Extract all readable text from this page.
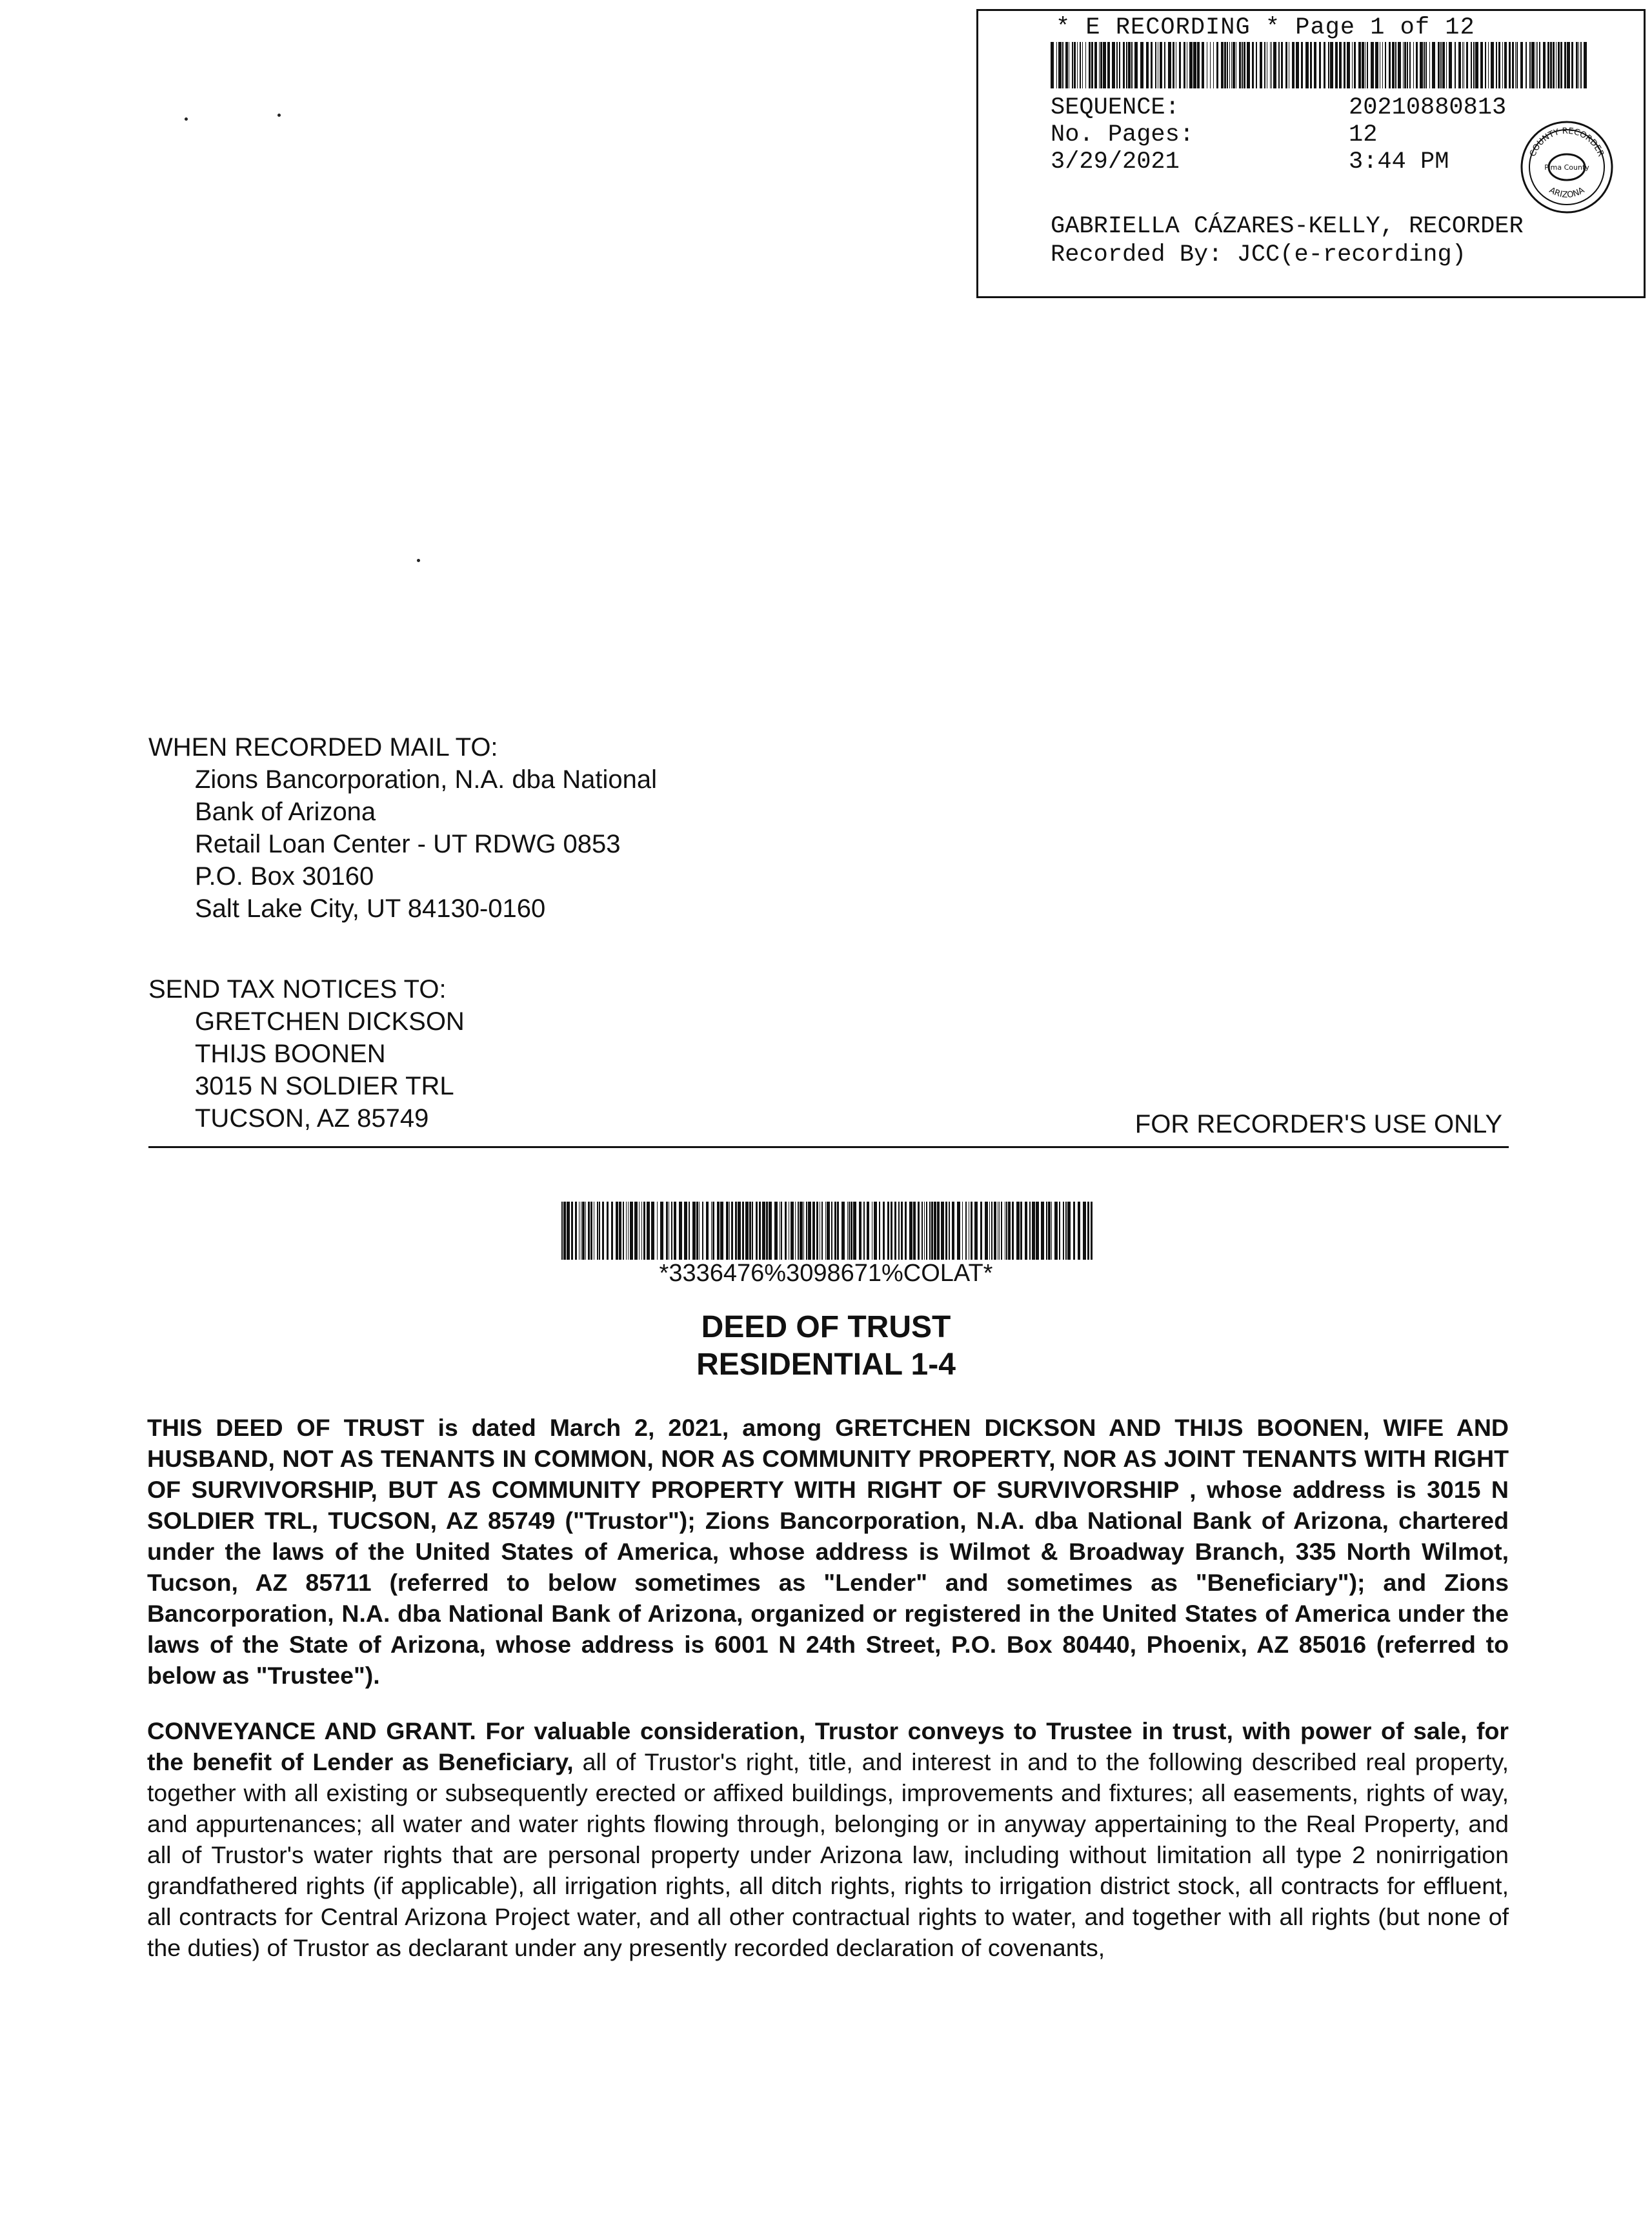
* E RECORDING * Page 1 of 12
SEQUENCE:	20210880813
No. Pages:	12
3/29/2021	3:44 PM	COUNTY RECORDER
ARIZONA
Pima County
GABRIELLA CÁZARES-KELLY, RECORDER
Recorded By: JCC(e-recording)
WHEN RECORDED MAIL TO:
Zions Bancorporation, N.A. dba National
Bank of Arizona
Retail Loan Center - UT RDWG 0853
P.O. Box 30160
Salt Lake City, UT 84130-0160
SEND TAX NOTICES TO:
GRETCHEN DICKSON
THIJS BOONEN
3015 N SOLDIER TRL
TUCSON, AZ 85749	FOR RECORDER'S USE ONLY
*3336476%3098671%COLAT*
DEED OF TRUST
RESIDENTIAL 1-4
THIS DEED OF TRUST is dated March 2, 2021, among GRETCHEN DICKSON AND THIJS BOONEN, WIFE AND HUSBAND, NOT AS TENANTS IN COMMON, NOR AS COMMUNITY PROPERTY, NOR AS JOINT TENANTS WITH RIGHT OF SURVIVORSHIP, BUT AS COMMUNITY PROPERTY WITH RIGHT OF SURVIVORSHIP , whose address is 3015 N SOLDIER TRL, TUCSON, AZ 85749 ("Trustor"); Zions Bancorporation, N.A. dba National Bank of Arizona, chartered under the laws of the United States of America, whose address is Wilmot & Broadway Branch, 335 North Wilmot, Tucson, AZ 85711 (referred to below sometimes as "Lender" and sometimes as "Beneficiary"); and Zions Bancorporation, N.A. dba National Bank of Arizona, organized or registered in the United States of America under the laws of the State of Arizona, whose address is 6001 N 24th Street, P.O. Box 80440, Phoenix, AZ 85016 (referred to below as "Trustee").
CONVEYANCE AND GRANT. For valuable consideration, Trustor conveys to Trustee in trust, with power of sale, for the benefit of Lender as Beneficiary, all of Trustor's right, title, and interest in and to the following described real property, together with all existing or subsequently erected or affixed buildings, improvements and fixtures; all easements, rights of way, and appurtenances; all water and water rights flowing through, belonging or in anyway appertaining to the Real Property, and all of Trustor's water rights that are personal property under Arizona law, including without limitation all type 2 nonirrigation grandfathered rights (if applicable), all irrigation rights, all ditch rights, rights to irrigation district stock, all contracts for effluent, all contracts for Central Arizona Project water, and all other contractual rights to water, and together with all rights (but none of the duties) of Trustor as declarant under any presently recorded declaration of covenants,
